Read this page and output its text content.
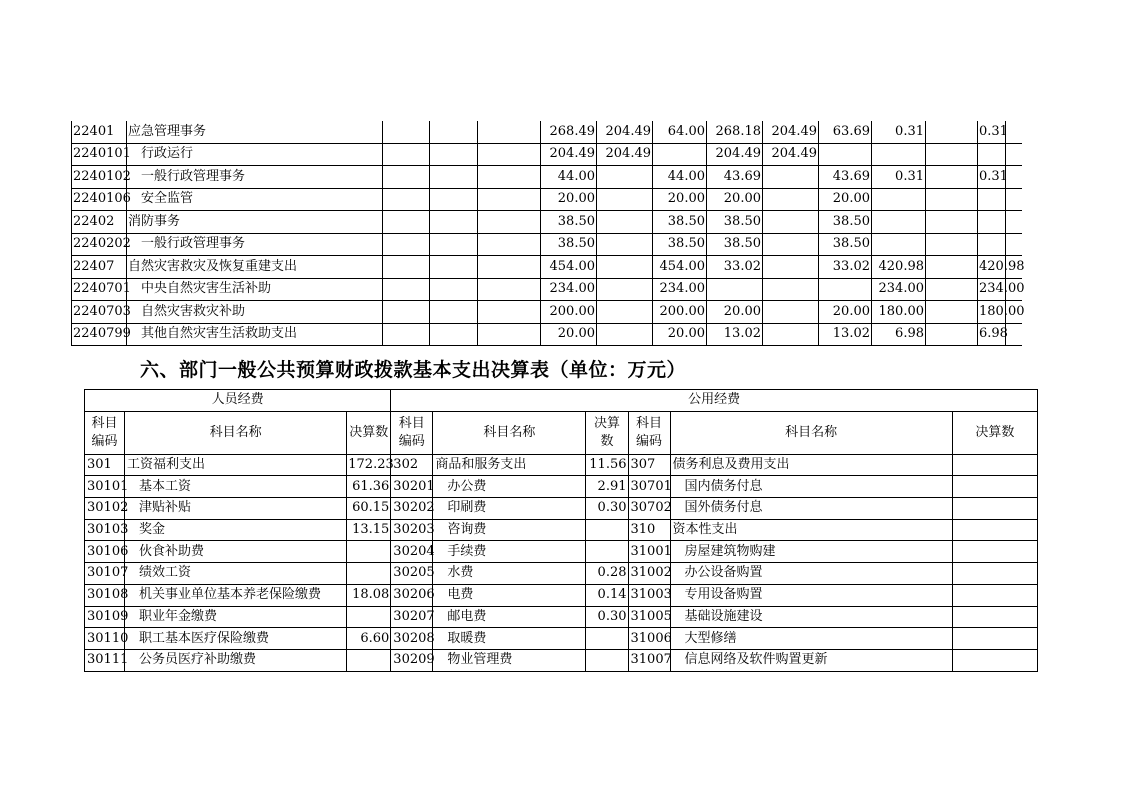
22401	应急管理事务				268.49	204.49	64.00	268.18	204.49	63.69	0.31		0.31	
2240101	行政运行				204.49	204.49		204.49	204.49					
2240102	一般行政管理事务				44.00		44.00	43.69		43.69	0.31		0.31	
2240106	安全监管				20.00		20.00	20.00		20.00				
22402	消防事务				38.50		38.50	38.50		38.50				
2240202	一般行政管理事务				38.50		38.50	38.50		38.50				
22407	自然灾害救灾及恢复重建支出				454.00		454.00	33.02		33.02	420.98		420.98	
2240701	中央自然灾害生活补助				234.00		234.00				234.00		234.00	
2240703	自然灾害救灾补助				200.00		200.00	20.00		20.00	180.00		180.00	
2240799	其他自然灾害生活救助支出				20.00		20.00	13.02		13.02	6.98		6.98	
六、部门一般公共预算财政拨款基本支出决算表（单位：万元）
人员经费			公用经费					
科目编码	科目名称	决算数	科目编码	科目名称	决算数	科目编码	科目名称	决算数
301	工资福利支出	172.23	302	商品和服务支出	11.56	307	债务利息及费用支出	
30101	基本工资	61.36	30201	办公费	2.91	30701	国内债务付息	
30102	津贴补贴	60.15	30202	印刷费	0.30	30702	国外债务付息	
30103	奖金	13.15	30203	咨询费		310	资本性支出	
30106	伙食补助费		30204	手续费		31001	房屋建筑物购建	
30107	绩效工资		30205	水费	0.28	31002	办公设备购置	
30108	机关事业单位基本养老保险缴费	18.08	30206	电费	0.14	31003	专用设备购置	
30109	职业年金缴费		30207	邮电费	0.30	31005	基础设施建设	
30110	职工基本医疗保险缴费	6.60	30208	取暖费		31006	大型修缮	
30111	公务员医疗补助缴费		30209	物业管理费		31007	信息网络及软件购置更新	
